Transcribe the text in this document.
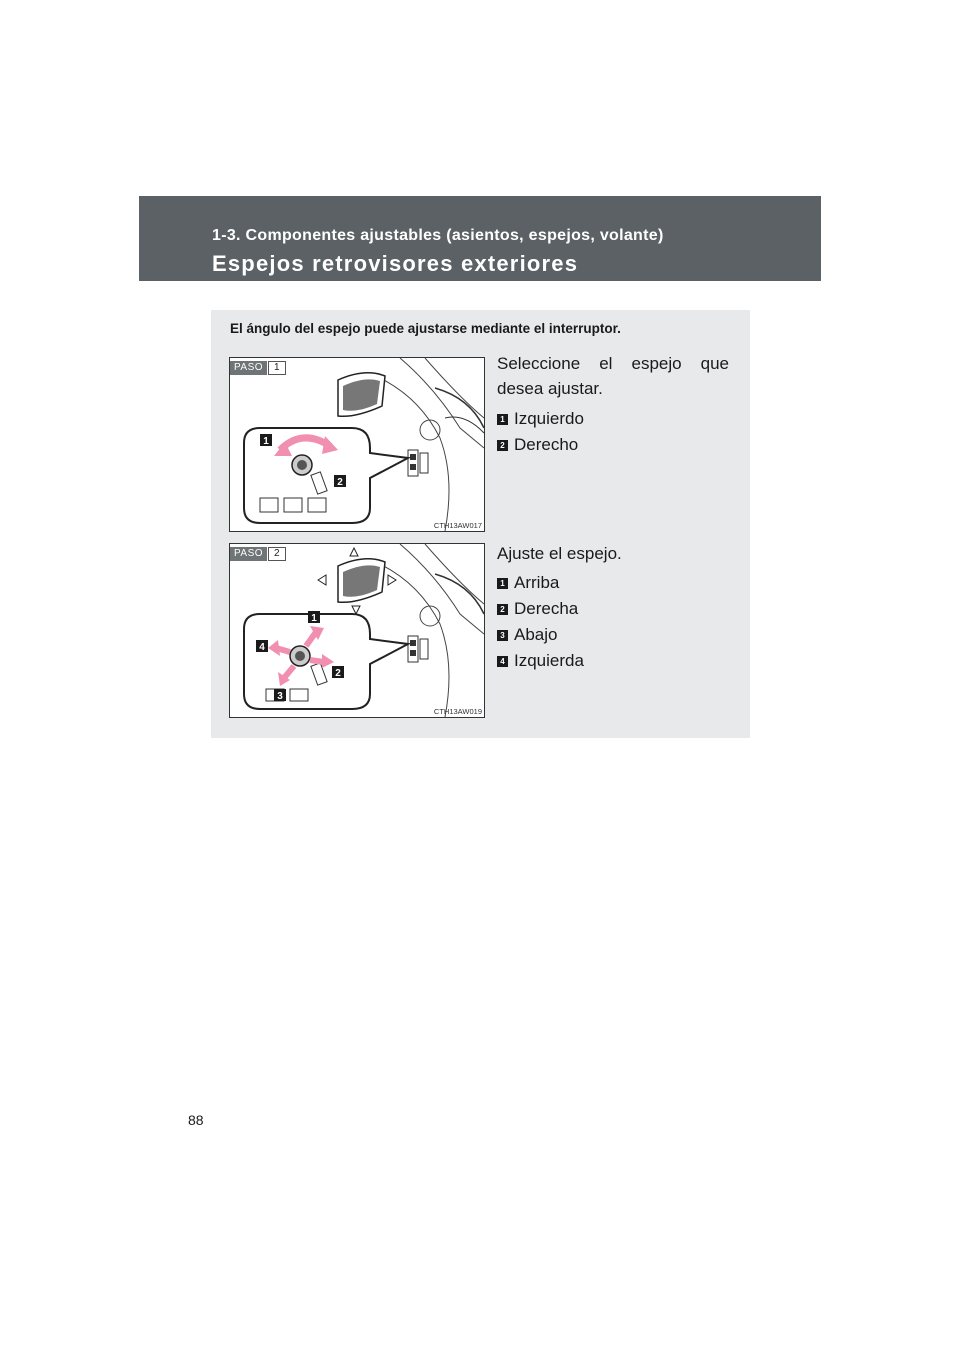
1-3. Componentes ajustables (asientos, espejos, volante)
Espejos retrovisores exteriores
El ángulo del espejo puede ajustarse mediante el interruptor.
1
2
PASO	1
CTH13AW017
Seleccione el espejo que
desea ajustar.
1 Izquierdo
2 Derecho
1
2
3
4
PASO	2
CTH13AW019
Ajuste el espejo.
1 Arriba
2 Derecha
3 Abajo
4 Izquierda
88
